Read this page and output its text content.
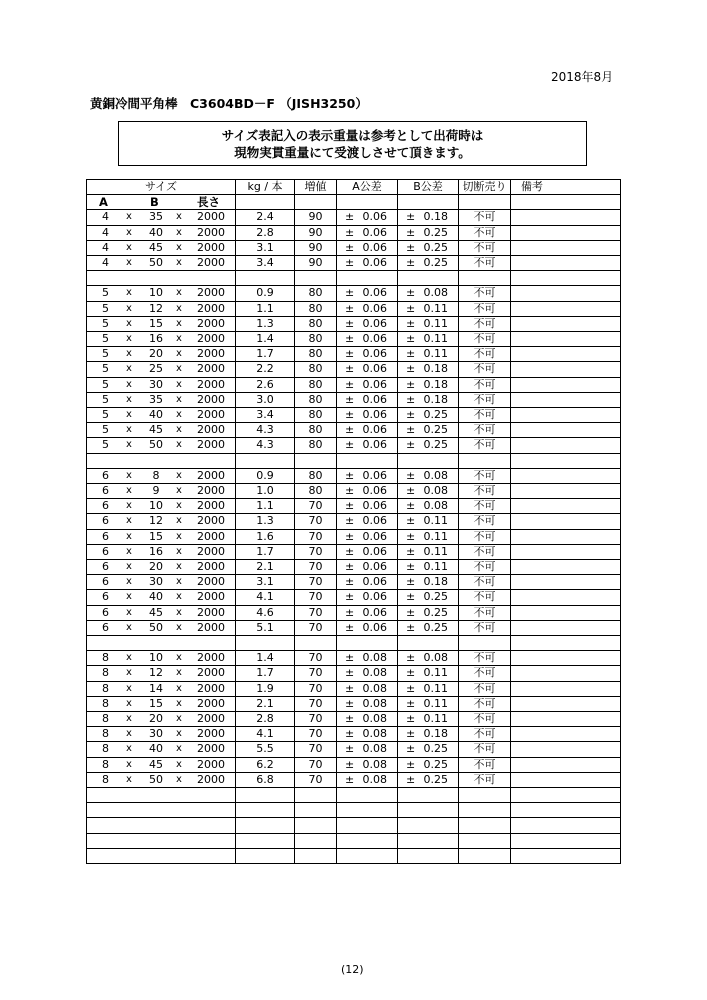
2018年8月
黄銅冷間平角棒　C3604BD－F （JISH3250）
サイズ表記入の表示重量は参考として出荷時は
現物実貫重量にて受渡しさせて頂きます。
サイズ	kg / 本	増値	A公差	B公差	切断売り	備考

A B 長さ						

4 x 35 x 2000	2.4	90	± 0.06	± 0.18	不可	

4 x 40 x 2000	2.8	90	± 0.06	± 0.25	不可	

4 x 45 x 2000	3.1	90	± 0.06	± 0.25	不可	

4 x 50 x 2000	3.4	90	± 0.06	± 0.25	不可	

5 x 10 x 2000	0.9	80	± 0.06	± 0.08	不可	

5 x 12 x 2000	1.1	80	± 0.06	± 0.11	不可	

5 x 15 x 2000	1.3	80	± 0.06	± 0.11	不可	

5 x 16 x 2000	1.4	80	± 0.06	± 0.11	不可	

5 x 20 x 2000	1.7	80	± 0.06	± 0.11	不可	

5 x 25 x 2000	2.2	80	± 0.06	± 0.18	不可	

5 x 30 x 2000	2.6	80	± 0.06	± 0.18	不可	

5 x 35 x 2000	3.0	80	± 0.06	± 0.18	不可	

5 x 40 x 2000	3.4	80	± 0.06	± 0.25	不可	

5 x 45 x 2000	4.3	80	± 0.06	± 0.25	不可	

5 x 50 x 2000	4.3	80	± 0.06	± 0.25	不可	

6 x 8 x 2000	0.9	80	± 0.06	± 0.08	不可	

6 x 9 x 2000	1.0	80	± 0.06	± 0.08	不可	

6 x 10 x 2000	1.1	70	± 0.06	± 0.08	不可	

6 x 12 x 2000	1.3	70	± 0.06	± 0.11	不可	

6 x 15 x 2000	1.6	70	± 0.06	± 0.11	不可	

6 x 16 x 2000	1.7	70	± 0.06	± 0.11	不可	

6 x 20 x 2000	2.1	70	± 0.06	± 0.11	不可	

6 x 30 x 2000	3.1	70	± 0.06	± 0.18	不可	

6 x 40 x 2000	4.1	70	± 0.06	± 0.25	不可	

6 x 45 x 2000	4.6	70	± 0.06	± 0.25	不可	

6 x 50 x 2000	5.1	70	± 0.06	± 0.25	不可	

8 x 10 x 2000	1.4	70	± 0.08	± 0.08	不可	

8 x 12 x 2000	1.7	70	± 0.08	± 0.11	不可	

8 x 14 x 2000	1.9	70	± 0.08	± 0.11	不可	

8 x 15 x 2000	2.1	70	± 0.08	± 0.11	不可	

8 x 20 x 2000	2.8	70	± 0.08	± 0.11	不可	

8 x 30 x 2000	4.1	70	± 0.08	± 0.18	不可	

8 x 40 x 2000	5.5	70	± 0.08	± 0.25	不可	

8 x 45 x 2000	6.2	70	± 0.08	± 0.25	不可	

8 x 50 x 2000	6.8	70	± 0.08	± 0.25	不可	

(12)
